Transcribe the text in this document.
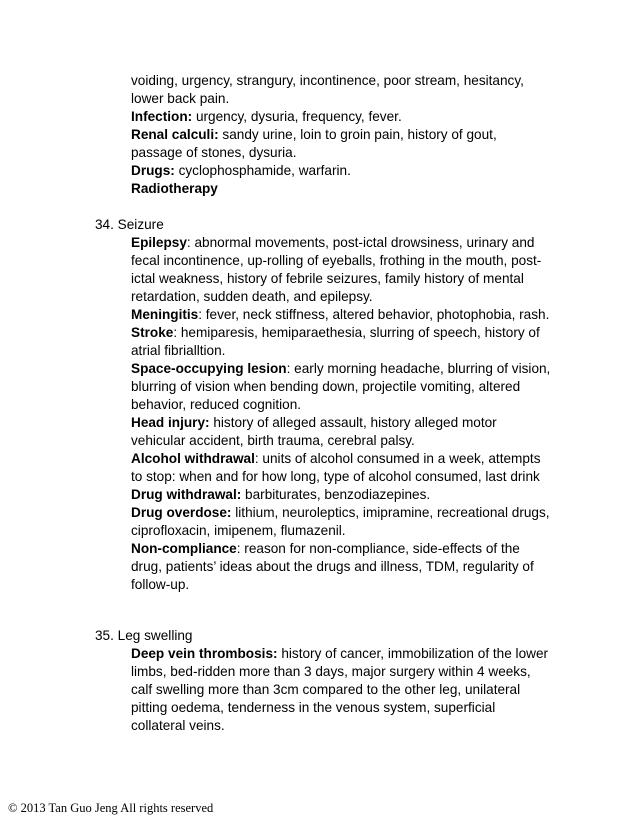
voiding, urgency, strangury, incontinence, poor stream, hesitancy, lower back pain.
Infection: urgency, dysuria, frequency, fever.
Renal calculi: sandy urine, loin to groin pain, history of gout, passage of stones, dysuria.
Drugs: cyclophosphamide, warfarin.
Radiotherapy
34. Seizure
Epilepsy: abnormal movements, post-ictal drowsiness, urinary and fecal incontinence, up-rolling of eyeballs, frothing in the mouth, post-ictal weakness, history of febrile seizures, family history of mental retardation, sudden death, and epilepsy.
Meningitis: fever, neck stiffness, altered behavior, photophobia, rash.
Stroke: hemiparesis, hemiparaethesia, slurring of speech, history of atrial fibrialltion.
Space-occupying lesion: early morning headache, blurring of vision, blurring of vision when bending down, projectile vomiting, altered behavior, reduced cognition.
Head injury: history of alleged assault, history alleged motor vehicular accident, birth trauma, cerebral palsy.
Alcohol withdrawal: units of alcohol consumed in a week, attempts to stop: when and for how long, type of alcohol consumed, last drink
Drug withdrawal: barbiturates, benzodiazepines.
Drug overdose: lithium, neuroleptics, imipramine, recreational drugs, ciprofloxacin, imipenem, flumazenil.
Non-compliance: reason for non-compliance, side-effects of the drug, patients’ ideas about the drugs and illness, TDM, regularity of follow-up.
35. Leg swelling
Deep vein thrombosis: history of cancer, immobilization of the lower limbs, bed-ridden more than 3 days, major surgery within 4 weeks, calf swelling more than 3cm compared to the other leg, unilateral pitting oedema, tenderness in the venous system, superficial collateral veins.
© 2013 Tan Guo Jeng All rights reserved
